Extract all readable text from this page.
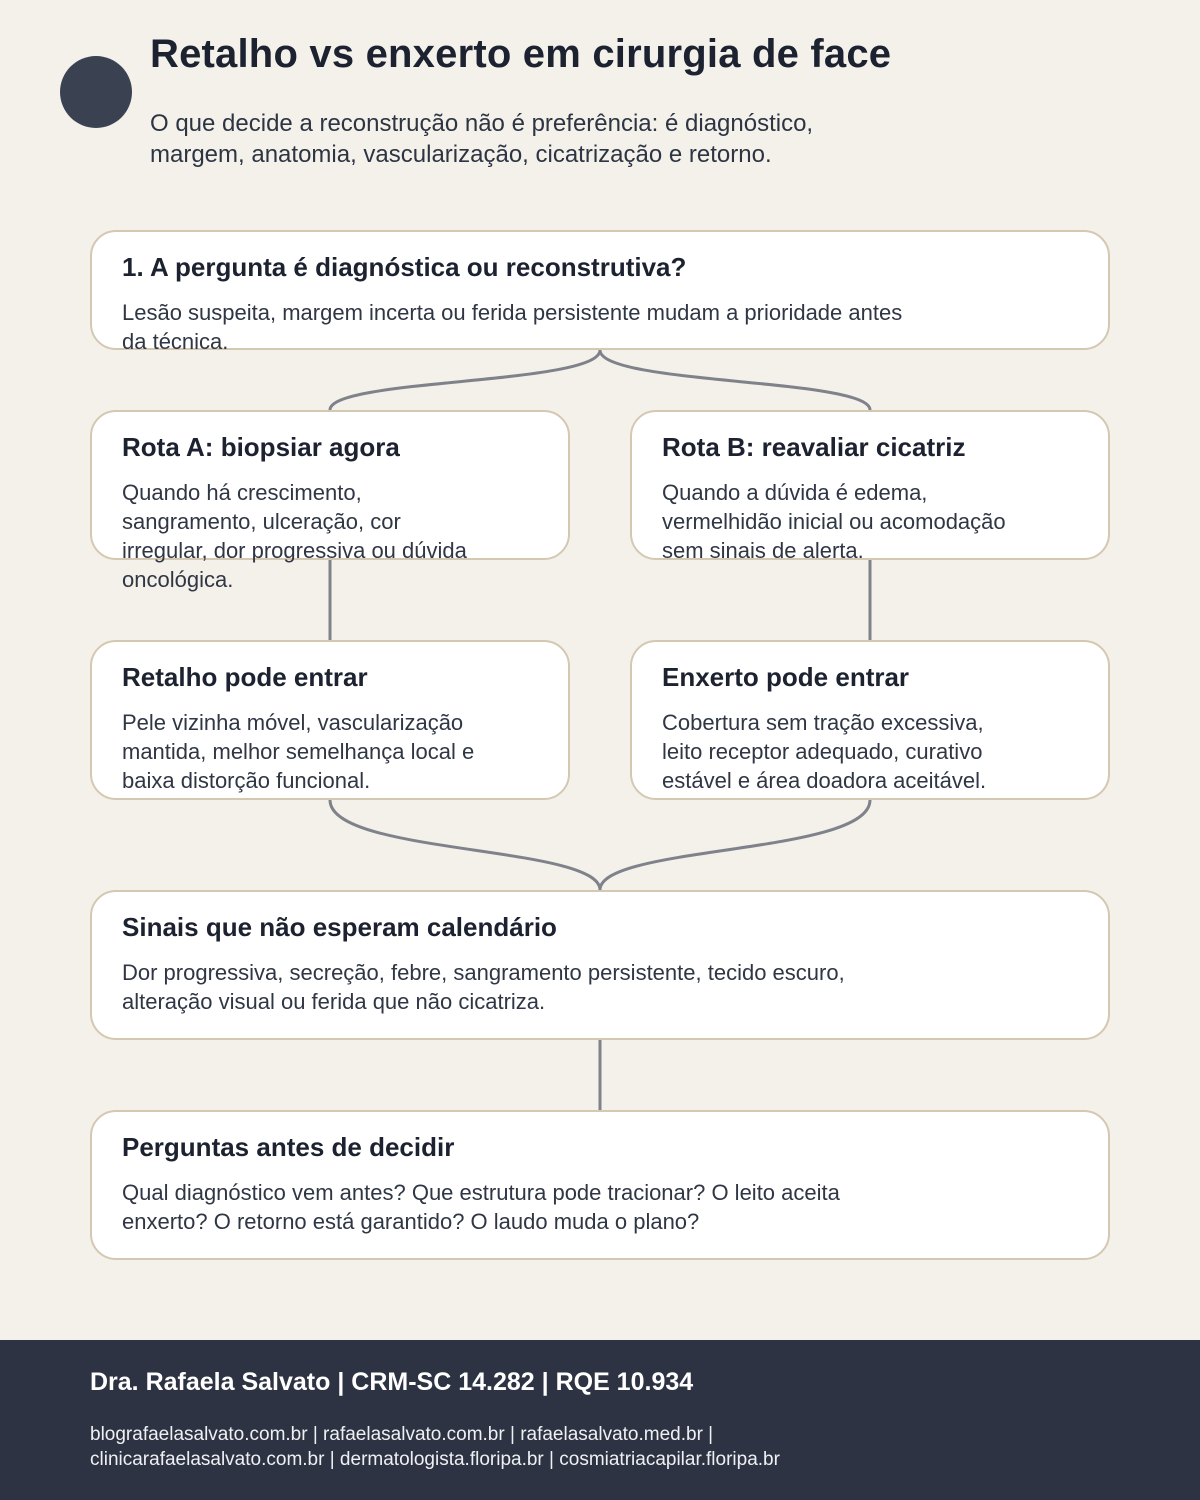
Retalho vs enxerto em cirurgia de face

O que decide a reconstrução não é preferência: é diagnóstico, margem, anatomia, vascularização, cicatrização e retorno.

1. A pergunta é diagnóstica ou reconstrutiva?

Lesão suspeita, margem incerta ou ferida persistente mudam a prioridade antes da técnica.

Rota A: biopsiar agora

Quando há crescimento, sangramento, ulceração, cor irregular, dor progressiva ou dúvida oncológica.

Rota B: reavaliar cicatriz

Quando a dúvida é edema, vermelhidão inicial ou acomodação sem sinais de alerta.

Retalho pode entrar

Pele vizinha móvel, vascularização mantida, melhor semelhança local e baixa distorção funcional.

Enxerto pode entrar

Cobertura sem tração excessiva, leito receptor adequado, curativo estável e área doadora aceitável.

Sinais que não esperam calendário

Dor progressiva, secreção, febre, sangramento persistente, tecido escuro, alteração visual ou ferida que não cicatriza.

Perguntas antes de decidir

Qual diagnóstico vem antes? Que estrutura pode tracionar? O leito aceita enxerto? O retorno está garantido? O laudo muda o plano?

Dra. Rafaela Salvato | CRM-SC 14.282 | RQE 10.934

blografaelasalvato.com.br | rafaelasalvato.com.br | rafaelasalvato.med.br | clinicarafaelasalvato.com.br | dermatologista.floripa.br | cosmiatriacapilar.floripa.br
